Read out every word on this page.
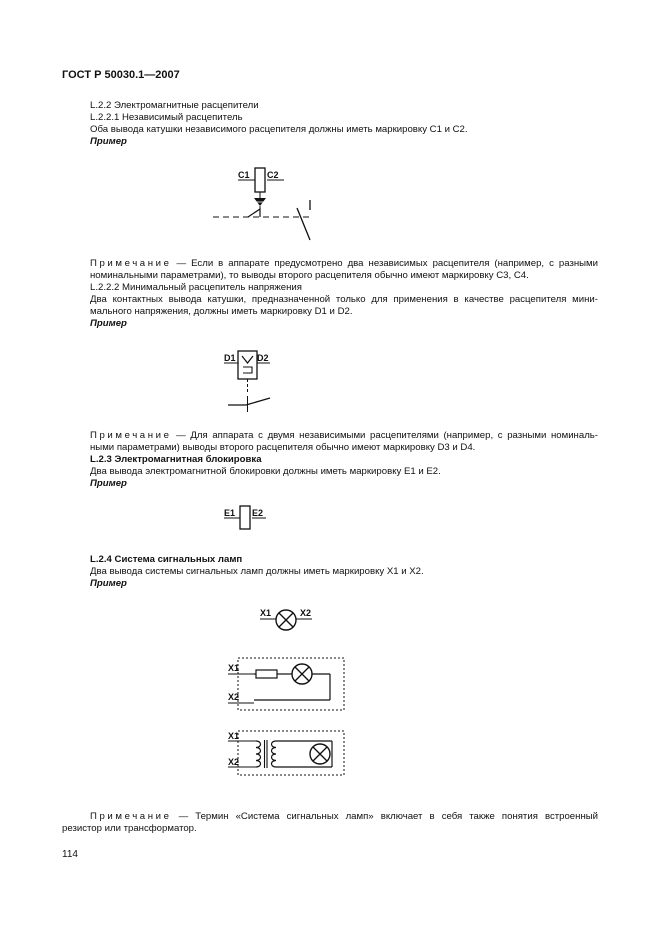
ГОСТ Р 50030.1—2007
L.2.2 Электромагнитные расцепители
L.2.2.1 Независимый расцепитель
Оба вывода катушки независимого расцепителя должны иметь маркировку C1 и C2.
Пример
C1 C2
Примечание — Если в аппарате предусмотрено два независимых расцепителя (например, с разными
номинальными параметрами), то выводы второго расцепителя обычно имеют маркировку C3, C4.
L.2.2.2 Минимальный расцепитель напряжения
Два контактных вывода катушки, предназначенной только для применения в качестве расцепителя мини-
мального напряжения, должны иметь маркировку D1 и D2.
Пример
D1 D2
Примечание — Для аппарата с двумя независимыми расцепителями (например, с разными номиналь-
ными параметрами) выводы второго расцепителя обычно имеют маркировку D3 и D4.
L.2.3 Электромагнитная блокировка
Два вывода электромагнитной блокировки должны иметь маркировку E1 и E2.
Пример
E1 E2
L.2.4 Система сигнальных ламп
Два вывода системы сигнальных ламп должны иметь маркировку X1 и X2.
Пример
X1	X2
X1
X2
X1
X2
Примечание — Термин «Система сигнальных ламп» включает в себя также понятия встроенный
резистор или трансформатор.
114
